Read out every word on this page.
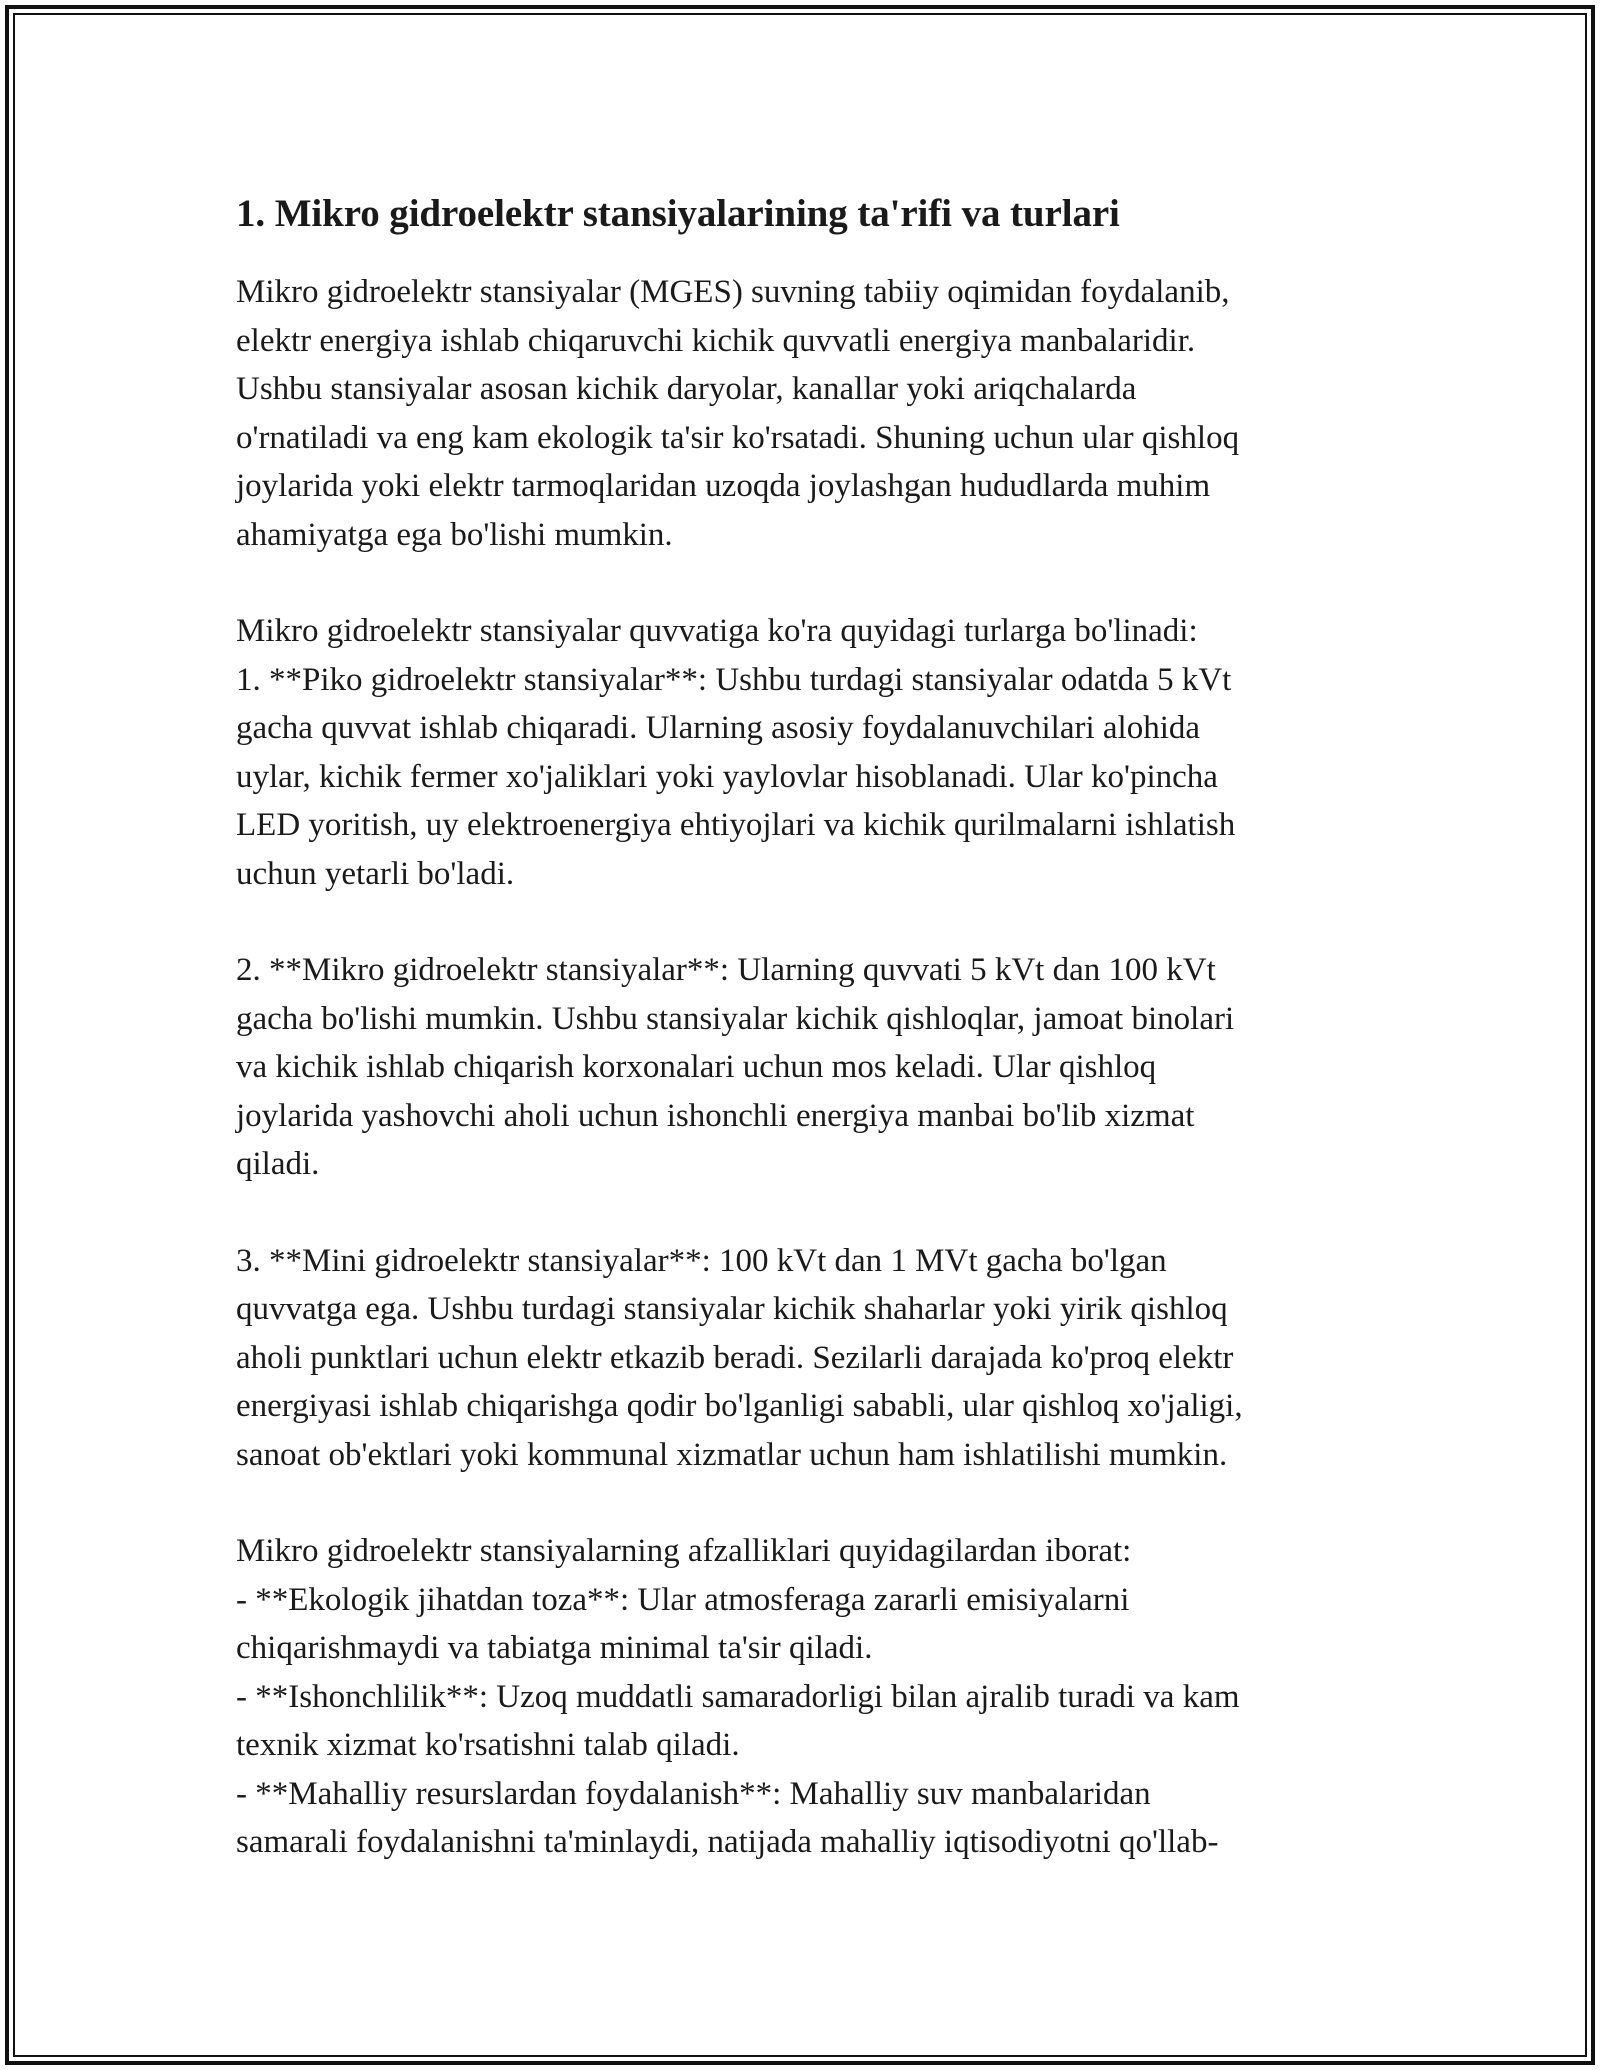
1. Mikro gidroelektr stansiyalarining ta'rifi va turlari
Mikro gidroelektr stansiyalar (MGES) suvning tabiiy oqimidan foydalanib,
elektr energiya ishlab chiqaruvchi kichik quvvatli energiya manbalaridir.
Ushbu stansiyalar asosan kichik daryolar, kanallar yoki ariqchalarda
o'rnatiladi va eng kam ekologik ta'sir ko'rsatadi. Shuning uchun ular qishloq
joylarida yoki elektr tarmoqlaridan uzoqda joylashgan hududlarda muhim
ahamiyatga ega bo'lishi mumkin.
Mikro gidroelektr stansiyalar quvvatiga ko'ra quyidagi turlarga bo'linadi:
1. **Piko gidroelektr stansiyalar**: Ushbu turdagi stansiyalar odatda 5 kVt
gacha quvvat ishlab chiqaradi. Ularning asosiy foydalanuvchilari alohida
uylar, kichik fermer xo'jaliklari yoki yaylovlar hisoblanadi. Ular ko'pincha
LED yoritish, uy elektroenergiya ehtiyojlari va kichik qurilmalarni ishlatish
uchun yetarli bo'ladi.
2. **Mikro gidroelektr stansiyalar**: Ularning quvvati 5 kVt dan 100 kVt
gacha bo'lishi mumkin. Ushbu stansiyalar kichik qishloqlar, jamoat binolari
va kichik ishlab chiqarish korxonalari uchun mos keladi. Ular qishloq
joylarida yashovchi aholi uchun ishonchli energiya manbai bo'lib xizmat
qiladi.
3. **Mini gidroelektr stansiyalar**: 100 kVt dan 1 MVt gacha bo'lgan
quvvatga ega. Ushbu turdagi stansiyalar kichik shaharlar yoki yirik qishloq
aholi punktlari uchun elektr etkazib beradi. Sezilarli darajada ko'proq elektr
energiyasi ishlab chiqarishga qodir bo'lganligi sababli, ular qishloq xo'jaligi,
sanoat ob'ektlari yoki kommunal xizmatlar uchun ham ishlatilishi mumkin.
Mikro gidroelektr stansiyalarning afzalliklari quyidagilardan iborat:
- **Ekologik jihatdan toza**: Ular atmosferaga zararli emisiyalarni
chiqarishmaydi va tabiatga minimal ta'sir qiladi.
- **Ishonchlilik**: Uzoq muddatli samaradorligi bilan ajralib turadi va kam
texnik xizmat ko'rsatishni talab qiladi.
- **Mahalliy resurslardan foydalanish**: Mahalliy suv manbalaridan
samarali foydalanishni ta'minlaydi, natijada mahalliy iqtisodiyotni qo'llab-
